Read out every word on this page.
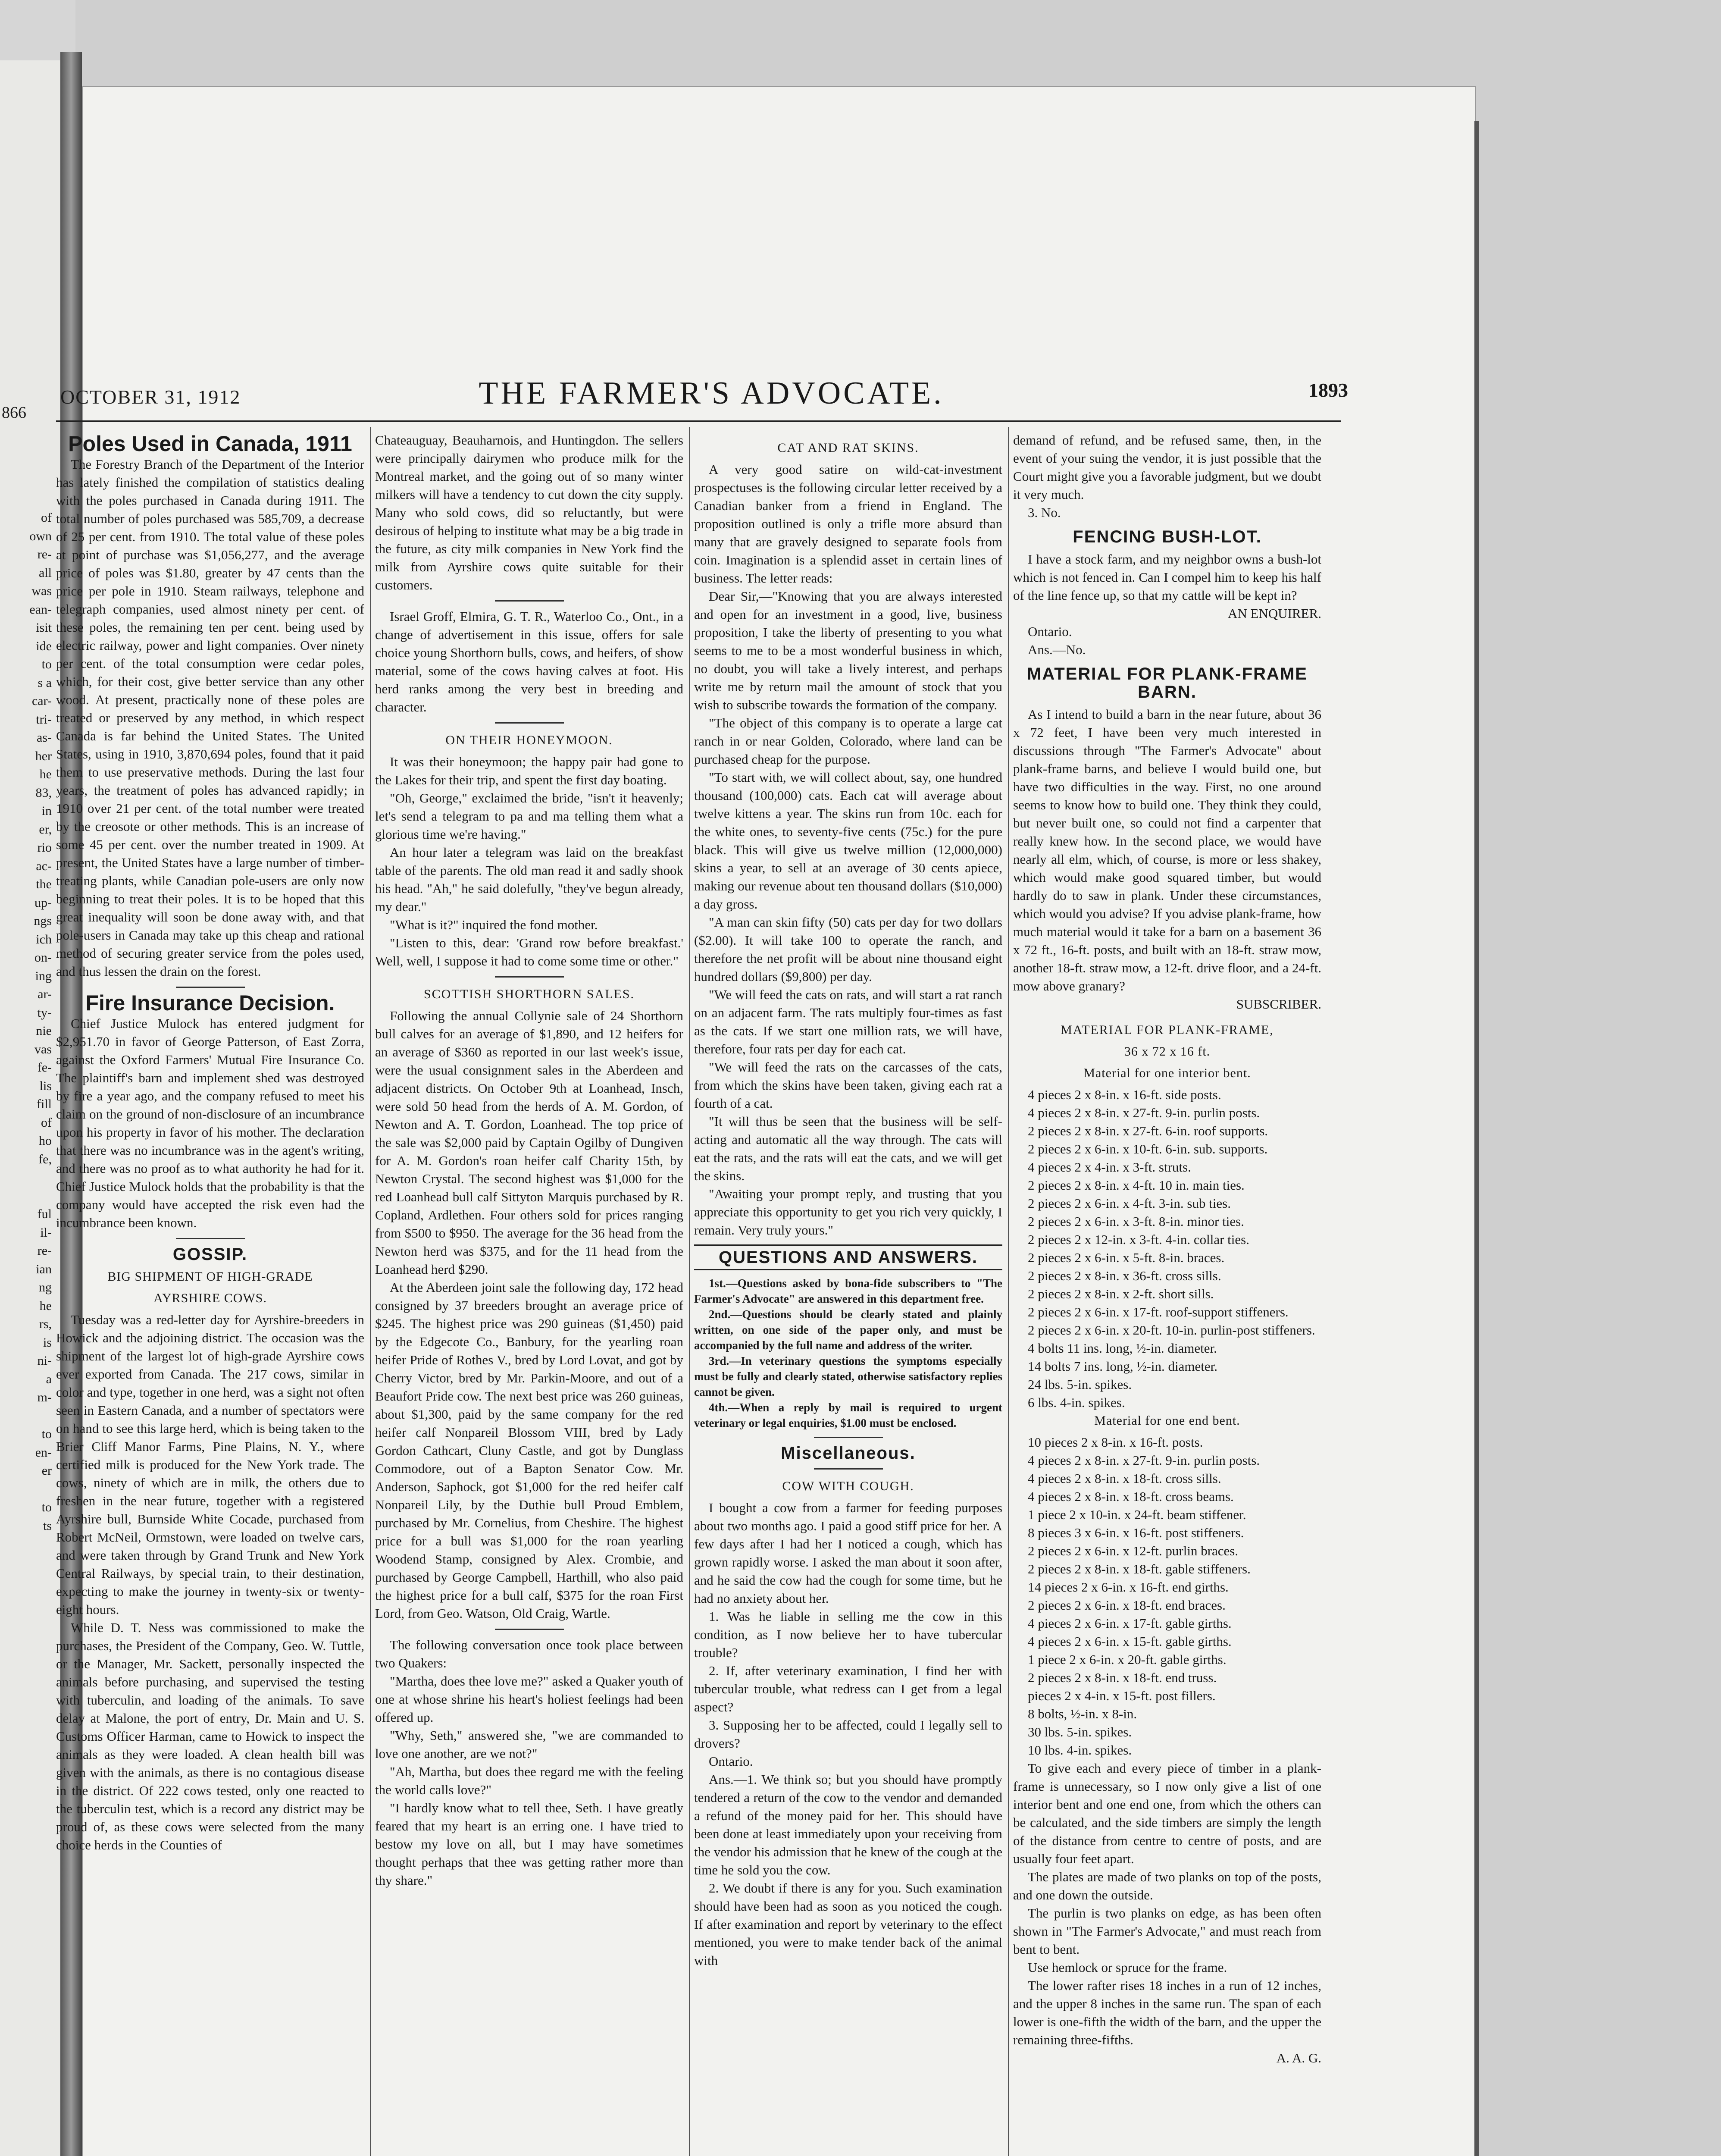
866
of
own
re-
all
was
ean-
isit
ide
to
s a
car-
tri-
as-
her
he
83,
in
er,
rio
ac-
the
up-
ngs
ich
on-
ing
ar-
ty-
nie
vas
fe-
lis
fill
of
ho
fe,

ful
il-
re-
ian
ng
he
rs,
is
ni-
a
m-

to
en-
er

to
ts
OCTOBER 31, 1912	THE FARMER'S ADVOCATE.	1893
Poles Used in Canada, 1911

The Forestry Branch of the Department of the Interior has lately finished the compilation of statistics dealing with the poles purchased in Canada during 1911. The total number of poles purchased was 585,709, a decrease of 25 per cent. from 1910. The total value of these poles at point of purchase was $1,056,277, and the average price of poles was $1.80, greater by 47 cents than the price per pole in 1910. Steam railways, telephone and telegraph companies, used almost ninety per cent. of these poles, the remaining ten per cent. being used by electric railway, power and light companies. Over ninety per cent. of the total consumption were cedar poles, which, for their cost, give better service than any other wood. At present, practically none of these poles are treated or preserved by any method, in which respect Canada is far behind the United States. The United States, using in 1910, 3,870,694 poles, found that it paid them to use preservative methods. During the last four years, the treatment of poles has advanced rapidly; in 1910 over 21 per cent. of the total number were treated by the creosote or other methods. This is an increase of some 45 per cent. over the number treated in 1909. At present, the United States have a large number of timber-treating plants, while Canadian pole-users are only now beginning to treat their poles. It is to be hoped that this great inequality will soon be done away with, and that pole-users in Canada may take up this cheap and rational method of securing greater service from the poles used, and thus lessen the drain on the forest.

Fire Insurance Decision.

Chief Justice Mulock has entered judgment for $2,951.70 in favor of George Patterson, of East Zorra, against the Oxford Farmers' Mutual Fire Insurance Co. The plaintiff's barn and implement shed was destroyed by fire a year ago, and the company refused to meet his claim on the ground of non-disclosure of an incumbrance upon his property in favor of his mother. The declaration that there was no incumbrance was in the agent's writing, and there was no proof as to what authority he had for it. Chief Justice Mulock holds that the probability is that the company would have accepted the risk even had the incumbrance been known.

GOSSIP.
BIG SHIPMENT OF HIGH-GRADE
AYRSHIRE COWS.

Tuesday was a red-letter day for Ayrshire-breeders in Howick and the adjoining district. The occasion was the shipment of the largest lot of high-grade Ayrshire cows ever exported from Canada. The 217 cows, similar in color and type, together in one herd, was a sight not often seen in Eastern Canada, and a number of spectators were on hand to see this large herd, which is being taken to the Brier Cliff Manor Farms, Pine Plains, N. Y., where certified milk is produced for the New York trade. The cows, ninety of which are in milk, the others due to freshen in the near future, together with a registered Ayrshire bull, Burnside White Cocade, purchased from Robert McNeil, Ormstown, were loaded on twelve cars, and were taken through by Grand Trunk and New York Central Railways, by special train, to their destination, expecting to make the journey in twenty-six or twenty-eight hours.

While D. T. Ness was commissioned to make the purchases, the President of the Company, Geo. W. Tuttle, or the Manager, Mr. Sackett, personally inspected the animals before purchasing, and supervised the testing with tuberculin, and loading of the animals. To save delay at Malone, the port of entry, Dr. Main and U. S. Customs Officer Harman, came to Howick to inspect the animals as they were loaded. A clean health bill was given with the animals, as there is no contagious disease in the district. Of 222 cows tested, only one reacted to the tuberculin test, which is a record any district may be proud of, as these cows were selected from the many choice herds in the Counties of

Chateauguay, Beauharnois, and Huntingdon. The sellers were principally dairymen who produce milk for the Montreal market, and the going out of so many winter milkers will have a tendency to cut down the city supply. Many who sold cows, did so reluctantly, but were desirous of helping to institute what may be a big trade in the future, as city milk companies in New York find the milk from Ayrshire cows quite suitable for their customers.

Israel Groff, Elmira, G. T. R., Waterloo Co., Ont., in a change of advertisement in this issue, offers for sale choice young Shorthorn bulls, cows, and heifers, of show material, some of the cows having calves at foot. His herd ranks among the very best in breeding and character.

ON THEIR HONEYMOON.

It was their honeymoon; the happy pair had gone to the Lakes for their trip, and spent the first day boating.

"Oh, George," exclaimed the bride, "isn't it heavenly; let's send a telegram to pa and ma telling them what a glorious time we're having."

An hour later a telegram was laid on the breakfast table of the parents. The old man read it and sadly shook his head. "Ah," he said dolefully, "they've begun already, my dear."

"What is it?" inquired the fond mother.

"Listen to this, dear: 'Grand row before breakfast.' Well, well, I suppose it had to come some time or other."

SCOTTISH SHORTHORN SALES.

Following the annual Collynie sale of 24 Shorthorn bull calves for an average of $1,890, and 12 heifers for an average of $360 as reported in our last week's issue, were the usual consignment sales in the Aberdeen and adjacent districts. On October 9th at Loanhead, Insch, were sold 50 head from the herds of A. M. Gordon, of Newton and A. T. Gordon, Loanhead. The top price of the sale was $2,000 paid by Captain Ogilby of Dungiven for A. M. Gordon's roan heifer calf Charity 15th, by Newton Crystal. The second highest was $1,000 for the red Loanhead bull calf Sittyton Marquis purchased by R. Copland, Ardlethen. Four others sold for prices ranging from $500 to $950. The average for the 36 head from the Newton herd was $375, and for the 11 head from the Loanhead herd $290.

At the Aberdeen joint sale the following day, 172 head consigned by 37 breeders brought an average price of $245. The highest price was 290 guineas ($1,450) paid by the Edgecote Co., Banbury, for the yearling roan heifer Pride of Rothes V., bred by Lord Lovat, and got by Cherry Victor, bred by Mr. Parkin-Moore, and out of a Beaufort Pride cow. The next best price was 260 guineas, about $1,300, paid by the same company for the red heifer calf Nonpareil Blossom VIII, bred by Lady Gordon Cathcart, Cluny Castle, and got by Dunglass Commodore, out of a Bapton Senator Cow. Mr. Anderson, Saphock, got $1,000 for the red heifer calf Nonpareil Lily, by the Duthie bull Proud Emblem, purchased by Mr. Cornelius, from Cheshire. The highest price for a bull was $1,000 for the roan yearling Woodend Stamp, consigned by Alex. Crombie, and purchased by George Campbell, Harthill, who also paid the highest price for a bull calf, $375 for the roan First Lord, from Geo. Watson, Old Craig, Wartle.

The following conversation once took place between two Quakers:

"Martha, does thee love me?" asked a Quaker youth of one at whose shrine his heart's holiest feelings had been offered up.

"Why, Seth," answered she, "we are commanded to love one another, are we not?"

"Ah, Martha, but does thee regard me with the feeling the world calls love?"

"I hardly know what to tell thee, Seth. I have greatly feared that my heart is an erring one. I have tried to bestow my love on all, but I may have sometimes thought perhaps that thee was getting rather more than thy share."

CAT AND RAT SKINS.

A very good satire on wild-cat-investment prospectuses is the following circular letter received by a Canadian banker from a friend in England. The proposition outlined is only a trifle more absurd than many that are gravely designed to separate fools from coin. Imagination is a splendid asset in certain lines of business. The letter reads:

Dear Sir,—"Knowing that you are always interested and open for an investment in a good, live, business proposition, I take the liberty of presenting to you what seems to me to be a most wonderful business in which, no doubt, you will take a lively interest, and perhaps write me by return mail the amount of stock that you wish to subscribe towards the formation of the company.

"The object of this company is to operate a large cat ranch in or near Golden, Colorado, where land can be purchased cheap for the purpose.

"To start with, we will collect about, say, one hundred thousand (100,000) cats. Each cat will average about twelve kittens a year. The skins run from 10c. each for the white ones, to seventy-five cents (75c.) for the pure black. This will give us twelve million (12,000,000) skins a year, to sell at an average of 30 cents apiece, making our revenue about ten thousand dollars ($10,000) a day gross.

"A man can skin fifty (50) cats per day for two dollars ($2.00). It will take 100 to operate the ranch, and therefore the net profit will be about nine thousand eight hundred dollars ($9,800) per day.

"We will feed the cats on rats, and will start a rat ranch on an adjacent farm. The rats multiply four-times as fast as the cats. If we start one million rats, we will have, therefore, four rats per day for each cat.

"We will feed the rats on the carcasses of the cats, from which the skins have been taken, giving each rat a fourth of a cat.

"It will thus be seen that the business will be self-acting and automatic all the way through. The cats will eat the rats, and the rats will eat the cats, and we will get the skins.

"Awaiting your prompt reply, and trusting that you appreciate this opportunity to get you rich very quickly, I remain. Very truly yours."

QUESTIONS AND ANSWERS.

1st.—Questions asked by bona-fide subscribers to "The Farmer's Advocate" are answered in this department free.

2nd.—Questions should be clearly stated and plainly written, on one side of the paper only, and must be accompanied by the full name and address of the writer.

3rd.—In veterinary questions the symptoms especially must be fully and clearly stated, otherwise satisfactory replies cannot be given.

4th.—When a reply by mail is required to urgent veterinary or legal enquiries, $1.00 must be enclosed.

Miscellaneous.
COW WITH COUGH.

I bought a cow from a farmer for feeding purposes about two months ago. I paid a good stiff price for her. A few days after I had her I noticed a cough, which has grown rapidly worse. I asked the man about it soon after, and he said the cow had the cough for some time, but he had no anxiety about her.

1. Was he liable in selling me the cow in this condition, as I now believe her to have tubercular trouble?

2. If, after veterinary examination, I find her with tubercular trouble, what redress can I get from a legal aspect?

3. Supposing her to be affected, could I legally sell to drovers?

Ontario.

Ans.—1. We think so; but you should have promptly tendered a return of the cow to the vendor and demanded a refund of the money paid for her. This should have been done at least immediately upon your receiving from the vendor his admission that he knew of the cough at the time he sold you the cow.

2. We doubt if there is any for you. Such examination should have been had as soon as you noticed the cough. If after examination and report by veterinary to the effect mentioned, you were to make tender back of the animal with

demand of refund, and be refused same, then, in the event of your suing the vendor, it is just possible that the Court might give you a favorable judgment, but we doubt it very much.

3. No.

FENCING BUSH-LOT.

I have a stock farm, and my neighbor owns a bush-lot which is not fenced in. Can I compel him to keep his half of the line fence up, so that my cattle will be kept in?

AN ENQUIRER.

Ontario.

Ans.—No.

MATERIAL FOR PLANK-FRAME BARN.

As I intend to build a barn in the near future, about 36 x 72 feet, I have been very much interested in discussions through "The Farmer's Advocate" about plank-frame barns, and believe I would build one, but have two difficulties in the way. First, no one around seems to know how to build one. They think they could, but never built one, so could not find a carpenter that really knew how. In the second place, we would have nearly all elm, which, of course, is more or less shakey, which would make good squared timber, but would hardly do to saw in plank. Under these circumstances, which would you advise? If you advise plank-frame, how much material would it take for a barn on a basement 36 x 72 ft., 16-ft. posts, and built with an 18-ft. straw mow, another 18-ft. straw mow, a 12-ft. drive floor, and a 24-ft. mow above granary?

SUBSCRIBER.

MATERIAL FOR PLANK-FRAME,
36 x 72 x 16 ft.
Material for one interior bent.

4 pieces 2 x 8-in. x 16-ft. side posts.

4 pieces 2 x 8-in. x 27-ft. 9-in. purlin posts.

2 pieces 2 x 8-in. x 27-ft. 6-in. roof supports.

2 pieces 2 x 6-in. x 10-ft. 6-in. sub. supports.

4 pieces 2 x 4-in. x 3-ft. struts.

2 pieces 2 x 8-in. x 4-ft. 10 in. main ties.

2 pieces 2 x 6-in. x 4-ft. 3-in. sub ties.

2 pieces 2 x 6-in. x 3-ft. 8-in. minor ties.

2 pieces 2 x 12-in. x 3-ft. 4-in. collar ties.

2 pieces 2 x 6-in. x 5-ft. 8-in. braces.

2 pieces 2 x 8-in. x 36-ft. cross sills.

2 pieces 2 x 8-in. x 2-ft. short sills.

2 pieces 2 x 6-in. x 17-ft. roof-support stiffeners.

2 pieces 2 x 6-in. x 20-ft. 10-in. purlin-post stiffeners.

4 bolts 11 ins. long, ½-in. diameter.

14 bolts 7 ins. long, ½-in. diameter.

24 lbs. 5-in. spikes.

6 lbs. 4-in. spikes.

Material for one end bent.

10 pieces 2 x 8-in. x 16-ft. posts.

4 pieces 2 x 8-in. x 27-ft. 9-in. purlin posts.

4 pieces 2 x 8-in. x 18-ft. cross sills.

4 pieces 2 x 8-in. x 18-ft. cross beams.

1 piece 2 x 10-in. x 24-ft. beam stiffener.

8 pieces 3 x 6-in. x 16-ft. post stiffeners.

2 pieces 2 x 6-in. x 12-ft. purlin braces.

2 pieces 2 x 8-in. x 18-ft. gable stiffeners.

14 pieces 2 x 6-in. x 16-ft. end girths.

2 pieces 2 x 6-in. x 18-ft. end braces.

4 pieces 2 x 6-in. x 17-ft. gable girths.

4 pieces 2 x 6-in. x 15-ft. gable girths.

1 piece 2 x 6-in. x 20-ft. gable girths.

2 pieces 2 x 8-in. x 18-ft. end truss.

pieces 2 x 4-in. x 15-ft. post fillers.

8 bolts, ½-in. x 8-in.

30 lbs. 5-in. spikes.

10 lbs. 4-in. spikes.

To give each and every piece of timber in a plank-frame is unnecessary, so I now only give a list of one interior bent and one end one, from which the others can be calculated, and the side timbers are simply the length of the distance from centre to centre of posts, and are usually four feet apart.

The plates are made of two planks on top of the posts, and one down the outside.

The purlin is two planks on edge, as has been often shown in "The Farmer's Advocate," and must reach from bent to bent.

Use hemlock or spruce for the frame.

The lower rafter rises 18 inches in a run of 12 inches, and the upper 8 inches in the same run. The span of each lower is one-fifth the width of the barn, and the upper the remaining three-fifths.

A. A. G.
